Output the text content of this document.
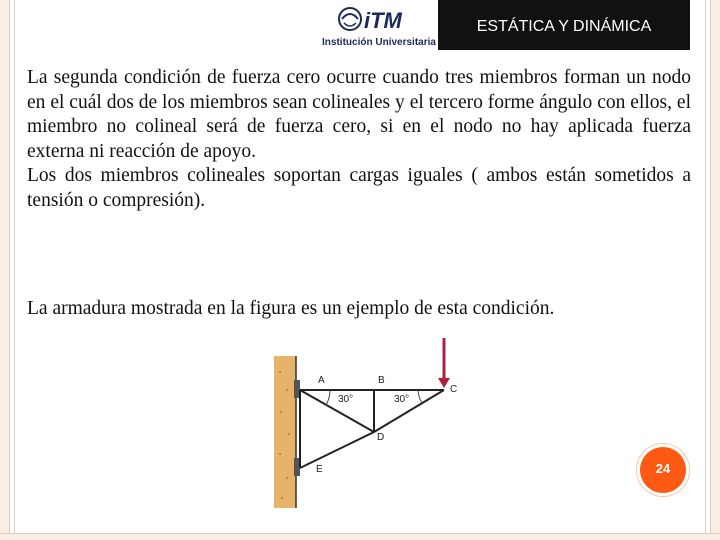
iTM
Institución Universitaria
ESTÁTICA Y DINÁMICA

La segunda condición de fuerza cero ocurre cuando tres miembros forman un nodo en el cuál dos de los miembros sean colineales y el tercero forme ángulo con ellos, el miembro no colineal será de fuerza cero, si en el nodo no hay aplicada fuerza externa ni reacción de apoyo.

Los dos miembros colineales soportan cargas iguales ( ambos están sometidos a tensión o compresión).

La armadura mostrada en la figura es un ejemplo de esta condición.
A	B
C
D
E
30°	30°
24
